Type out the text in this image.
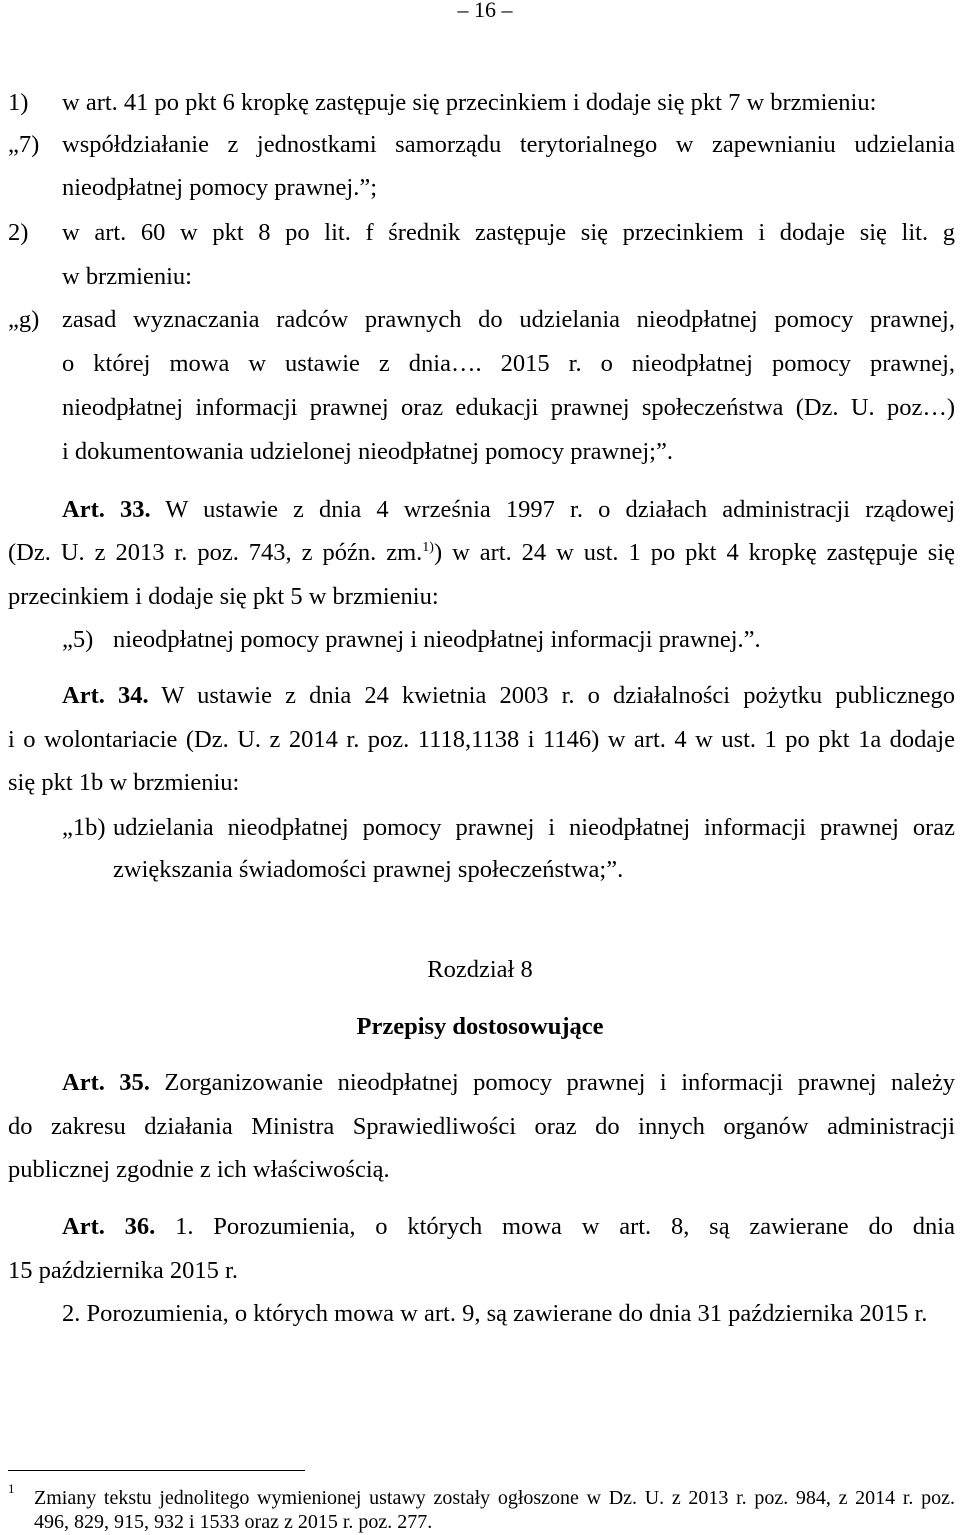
– 16 –
1) w art. 41 po pkt 6 kropkę zastępuje się przecinkiem i dodaje się pkt 7 w brzmieniu:
„7) współdziałanie z jednostkami samorządu terytorialnego w zapewnianiu udzielania
nieodpłatnej pomocy prawnej.”;
2) w art. 60 w pkt 8 po lit. f średnik zastępuje się przecinkiem i dodaje się lit. g
w brzmieniu:
„g) zasad wyznaczania radców prawnych do udzielania nieodpłatnej pomocy prawnej,
o której mowa w ustawie z dnia…. 2015 r. o nieodpłatnej pomocy prawnej,
nieodpłatnej informacji prawnej oraz edukacji prawnej społeczeństwa (Dz. U. poz…)
i dokumentowania udzielonej nieodpłatnej pomocy prawnej;”.
Art. 33. W ustawie z dnia 4 września 1997 r. o działach administracji rządowej
(Dz. U. z 2013 r. poz. 743, z późn. zm.$^{1)}$) w art. 24 w ust. 1 po pkt 4 kropkę zastępuje się
przecinkiem i dodaje się pkt 5 w brzmieniu:
„5) nieodpłatnej pomocy prawnej i nieodpłatnej informacji prawnej.”.
Art. 34. W ustawie z dnia 24 kwietnia 2003 r. o działalności pożytku publicznego
i o wolontariacie (Dz. U. z 2014 r. poz. 1118,1138 i 1146) w art. 4 w ust. 1 po pkt 1a dodaje
się pkt 1b w brzmieniu:
„1b) udzielania nieodpłatnej pomocy prawnej i nieodpłatnej informacji prawnej oraz
zwiększania świadomości prawnej społeczeństwa;”.
Rozdział 8
Przepisy dostosowujące
Art. 35. Zorganizowanie nieodpłatnej pomocy prawnej i informacji prawnej należy
do zakresu działania Ministra Sprawiedliwości oraz do innych organów administracji
publicznej zgodnie z ich właściwością.
Art. 36. 1. Porozumienia, o których mowa w art. 8, są zawierane do dnia
15 października 2015 r.
2. Porozumienia, o których mowa w art. 9, są zawierane do dnia 31 października 2015 r.
1 Zmiany tekstu jednolitego wymienionej ustawy zostały ogłoszone w Dz. U. z 2013 r. poz. 984, z 2014 r. poz.
496, 829, 915, 932 i 1533 oraz z 2015 r. poz. 277.
